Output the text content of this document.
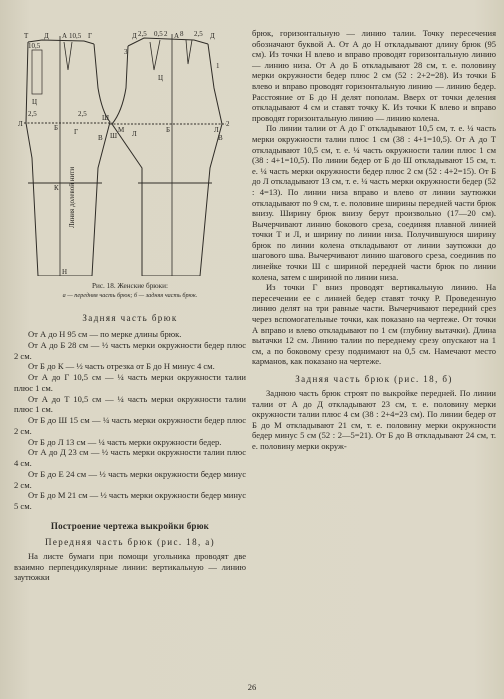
Т Д
Б
Н
Г
А
К
Ц
Л
Ш
В
Г	М Л
10,5
10,5
2,5	2,5
Д	Д
Б
Ц
А
Л
Ш	В
2,5 0,5 2	2,5
8
3
1
2
Линия долевой нити
Рис. 18. Женские брюки:
а — передняя часть брюк; б — задняя часть брюк.
Задняя часть брюк

От А до Н 95 см — по мерке длины брюк.

От А до Б 28 см — ½ часть мерки окружности бедер плюс 2 см.

От Б до К — ½ часть отрезка от Б до Н минус 4 см.

От А до Г 10,5 см — ¼ часть мерки окружности талии плюс 1 см.

От А до Т 10,5 см — ¼ часть мерки окружности талии плюс 1 см.

От Б до Ш 15 см — ¼ часть мерки окружности бедер плюс 2 см.

От Б до Л 13 см — ¼ часть мерки окружности бедер.

От А до Д 23 см — ½ часть мерки окружности талии плюс 4 см.

От Б до Е 24 см — ½ часть мерки окружности бедер минус 2 см.

От Б до М 21 см — ½ часть мерки окружности бедер минус 5 см.

Построение чертежа выкройки брюк
Передняя часть брюк (рис. 18, а)

На листе бумаги при помощи угольника проводят две взаимно перпендикулярные линии: вертикальную — линию заутюжки

брюк, горизонтальную — линию талии. Точку пересечения обозначают буквой А. От А до Н откладывают длину брюк (95 см). Из точки Н влево и вправо проводят горизонтальную линию — линию низа. От А до Б откладывают 28 см, т. е. половину мерки окружности бедер плюс 2 см (52 : 2+2=28). Из точки Б влево и вправо проводят горизонтальную линию — линию бедер. Расстояние от Б до Н делят пополам. Вверх от точки деления откладывают 4 см и ставят точку К. Из точки К влево и вправо проводят горизонтальную линию — линию колена.

По линии талии от А до Г откладывают 10,5 см, т. е. ¼ часть мерки окружности талии плюс 1 см (38 : 4+1=10,5). От А до Т откладывают 10,5 см, т. е. ¼ часть окружности талии плюс 1 см (38 : 4+1=10,5). По линии бедер от Б до Ш откладывают 15 см, т. е. ¼ часть мерки окружности бедер плюс 2 см (52 : 4+2=15). От Б до Л откладывают 13 см, т. е. ¼ часть мерки окружности бедер (52 : 4=13). По линии низа вправо и влево от линии заутюжки откладывают по 9 см, т. е. половине ширины передней части брюк внизу. Ширину брюк внизу берут произвольно (17—20 см). Вычерчивают линию бокового среза, соединяя плавной линией точки Т и Л, и ширину по линии низа. Получившуюся ширину брюк по линии колена откладывают от линии заутюжки до шагового шва. Вычерчивают линию шагового среза, соединив по линейке точки Ш с шириной передней части брюк по линии колена, затем с шириной по линии низа.

Из точки Г вниз проводят вертикальную линию. На пересечении ее с линией бедер ставят точку Р. Проведенную линию делят на три равные части. Вычерчивают передний срез через вспомогательные точки, как показано на чертеже. От точки А вправо и влево откладывают по 1 см (глубину вытачки). Длина вытачки 12 см. Линию талии по переднему срезу опускают на 1 см, а по боковому срезу поднимают на 0,5 см. Намечают место карманов, как показано на чертеже.

Задняя часть брюк (рис. 18, б)

Заднюю часть брюк строят по выкройке передней. По линии талии от А до Д откладывают 23 см, т. е. половину мерки окружности талии плюс 4 см (38 : 2+4=23 см). По линии бедер от Б до М откладывают 21 см, т. е. половину мерки окружности бедер минус 5 см (52 : 2—5=21). От Б до В откладывают 24 см, т. е. половину мерки окруж-

26
